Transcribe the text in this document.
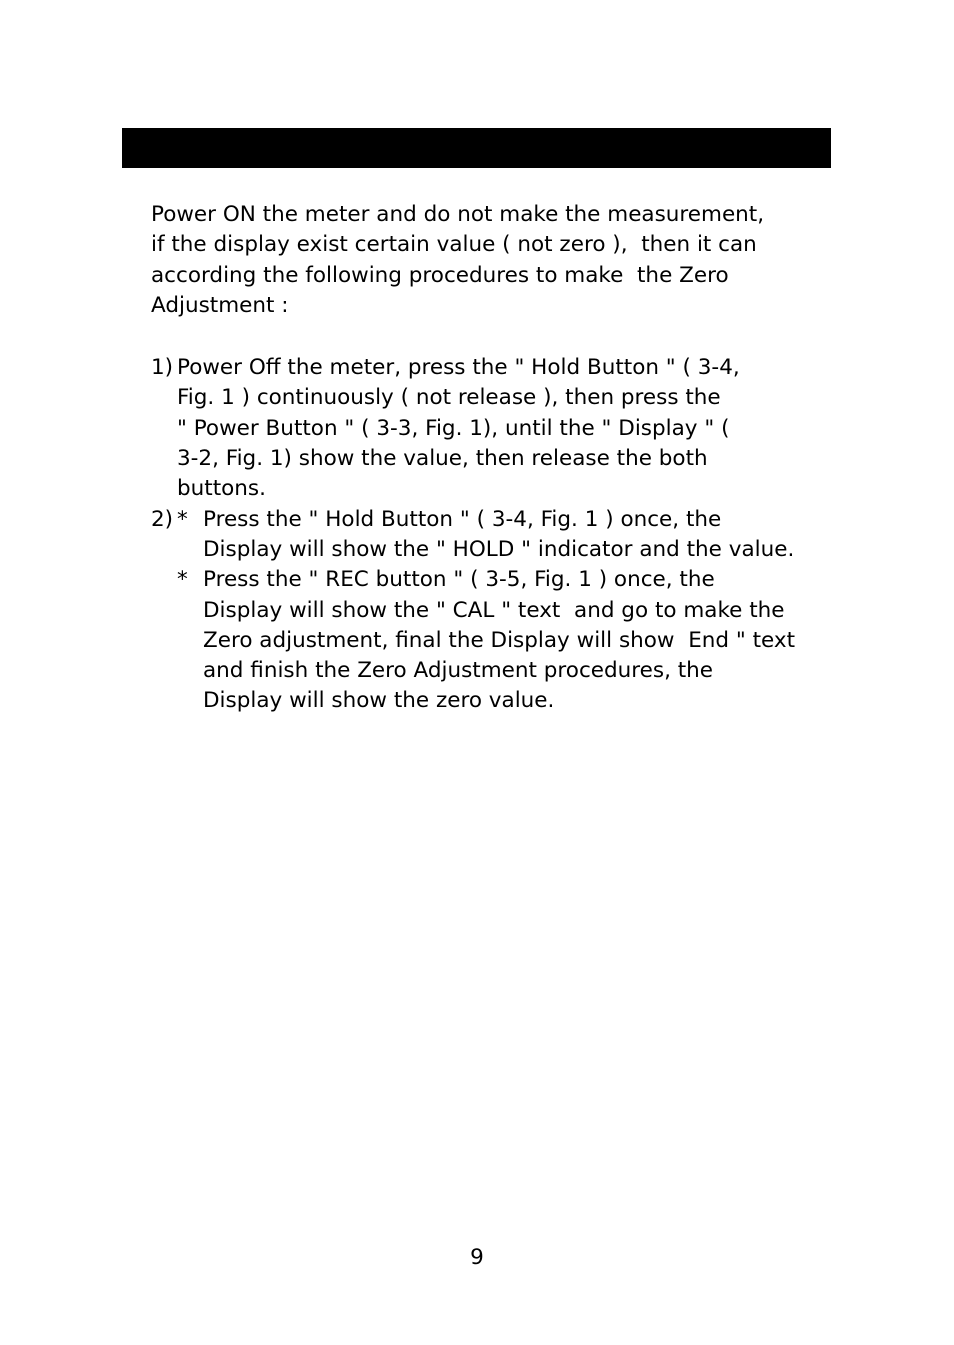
Power ON the meter and do not make the measurement,
if the display exist certain value ( not zero ),  then it can
according the following procedures to make  the Zero
Adjustment :
1) Power Off the meter, press the " Hold Button " ( 3-4,
Fig. 1 ) continuously ( not release ), then press the
" Power Button " ( 3-3, Fig. 1), until the " Display " (
3-2, Fig. 1) show the value, then release the both
buttons.
2) * Press the " Hold Button " ( 3-4, Fig. 1 ) once, the
Display will show the " HOLD " indicator and the value.
* Press the " REC button " ( 3-5, Fig. 1 ) once, the
Display will show the " CAL " text  and go to make the
Zero adjustment, final the Display will show  End " text
and finish the Zero Adjustment procedures, the
Display will show the zero value.
9
